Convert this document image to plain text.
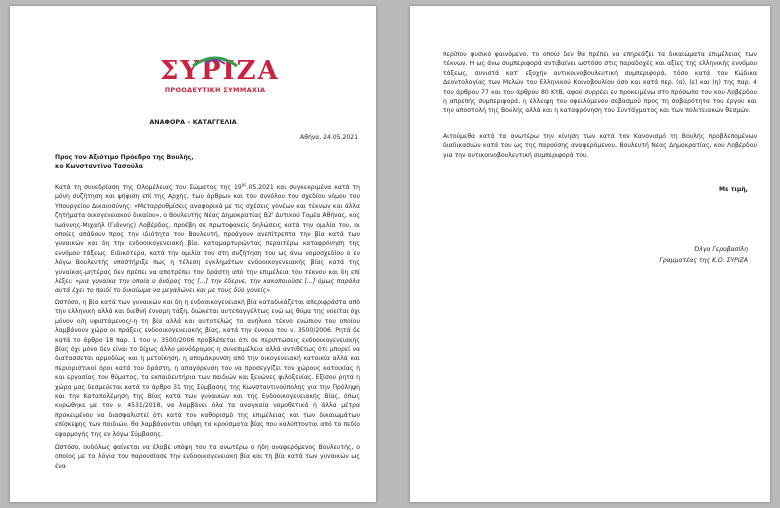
ΣΥΡΙΖΑ
ΠΡΟΟΔΕΥΤΙΚΗ ΣΥΜΜΑΧΙΑ
ΑΝΑΦΟΡΑ – ΚΑΤΑΓΓΕΛΙΑ
Αθήνα, 24.05.2021
Προς τον Αξιότιμο Πρόεδρο της Βουλής,
κο Κωνσταντίνο Τασούλα

Κατά τη συνεδρίαση της Ολομέλειας του Σώματος της $19^{\eta\varsigma}.05.2021$ και συγκεκριμένα κατά τη μόνη συζήτηση και ψήφιση επί της Αρχής, των άρθρων και του συνόλου του σχεδίου νόμου του Υπουργείου Δικαιοσύνης: «Μεταρρυθμίσεις αναφορικά με τις σχέσεις γονέων και τέκνων και άλλα ζητήματα οικογενειακού δικαίου», ο Βουλευτής Νέας Δημοκρατίας Β2' Δυτικού Τομέα Αθήνας, κος Ιωάννης-Μιχαήλ (Γιάννης) Λοβέρδος, προέβη σε πρωτοφανείς δηλώσεις κατά την ομιλία του, οι οποίες απάδουν προς την ιδιότητα του Βουλευτή, προάγουν ανεπίτρεπτα την βία κατά των γυναικών και δη την ενδοοικογενειακή βία, καταμαρτυρώντας περαιτέρω καταφρόνηση της εννόμου τάξεως. Ειδικότερα, κατά την ομιλία του στη συζήτηση του ως άνω νομοσχεδίου ο εν λόγω Βουλευτής υποστήριξε πως η τέλεση εγκλημάτων ενδοοικογενειακής βίας κατά της γυναίκας-μητέρας δεν πρέπει να αποτρέπει τον δράστη από την επιμέλεια του τέκνου και δη επί λέξει: «μια γυναίκα την οποία ο άνδρας της [...] την έδερνε, την κακοποιούσε [...] όμως παράλα αυτά έχει το παιδί το δικαίωμα να μεγαλώνει και με τους δύο γονείς».

Ωστόσο, η βία κατά των γυναικών και δη η ενδοοικογενειακή βία καταδικάζεται απεριφράστα από την ελληνική αλλά και διεθνή έννομη τάξη, διώκεται αυτεπαγγέλτως ενώ ως θύμα της νοείται όχι μόνον ο/η υφιστάμενος/-η τη βία αλλά και αυτοτελώς το ανήλικο τέκνο ενώπιον του οποίου λαμβάνουν χώρα οι πράξεις ενδοοικογενειακής βίας, κατά την έννοια του ν. 3500/2006. Ρητά δε κατά το άρθρο 18 παρ. 1 του ν. 3500/2006 προβλέπεται ότι σε περιπτώσεις ενδοοικογενειακής βίας όχι μόνο δεν είναι το δίχως άλλο μονόδρομος η συνεπιμέλεια αλλά αντιθέτως ότι μπορεί να διατασσεται αρμοδίως και η μετοίκηση, η απομάκρυνση από την οικογενειακή κατοικία αλλά και περιοριστικοί όροι κατά του δράστη, η απαγόρευση του να προσεγγίζει τον χώρους κατοικίας ή και εργασίας του θύματος, τα εκπαιδευτήρια των παιδιών και ξενώνες φιλοξενίας. Εξίσου ρητά η χώρα μας δεσμεύεται κατά το άρθρο 31 της Σύμβασης της Κωνσταντινούπολης για την Πρόληψη και την Καταπολέμηση της Βίας κατά των γυναικών και της Ενδοοικογενειακής Βίας, όπως κυρώθηκε με τον ν. 4531/2018, να λαμβάνει όλα τα αναγκαία νομοθετικά ή άλλα μέτρα προκειμένου να διασφαλιστεί ότι κατά τον καθορισμό της επιμέλειας και των δικαιωμάτων επίσκεψης των παιδιών, θα λαμβάνονται υπόψη τα κρούσματα βίας που καλύπτονται από το πεδίο εφαρμογής της εν λόγω Σύμβασης.

Ωστόσο, ουδόλως φαίνεται να έλαβε υπόψη του τα ανωτέρω ο ήδη αναφερόμενος Βουλευτής, ο οποίος με τα λόγια του παρουσίασε την ενδοοικογενειακή βία και τη βία κατά των γυναικών ως ένα

περίπου φυσικό φαινόμενο, το οποίο δεν θα πρέπει να επηρεάζει τα δικαιώματα επιμέλειας των τέκνων. Η ως άνω συμπεριφορά αντιβαίνει ωστόσο στις παραδοχές και αξίες της ελληνικής εννόμου τάξεως, συνιστά κατ' εξοχήν αντικοινοβουλευτική συμπεριφορά, τόσο κατά τον Κώδικα Δεοντολογίας των Μελών του Ελληνικού Κοινοβουλίου όσο και κατά περ. (α), (ε) και (η) της παρ. 4 του άρθρου 77 και του άρθρου 80 ΚτΒ, αφού συρρέει εν προκειμένω στο πρόσωπο του κου Λοβέρδου η απρεπής συμπεριφορά, η έλλειψη του οφειλόμενου σεβασμού προς τη σοβαρότητα του έργου και την αποστολή της Βουλής αλλά και η καταφρόνηση του Συντάγματος και των πολιτειακών θεσμών.

Αιτούμεθα κατά τα ανωτέρω την κίνηση των κατά τον Κανονισμό τη Βουλής προβλεπομένων διαδικασιών κατά του ως της παρούσης αναφερόμενου, Βουλευτή Νέας Δημοκρατίας, κου Λοβέρδου για την αντικοινοβουλευτική συμπεριφορά του.

Με τιμή,
Όλγα Γεροβασίλη
Γραμματέας της Κ.Ο. ΣΥΡΙΖΑ
